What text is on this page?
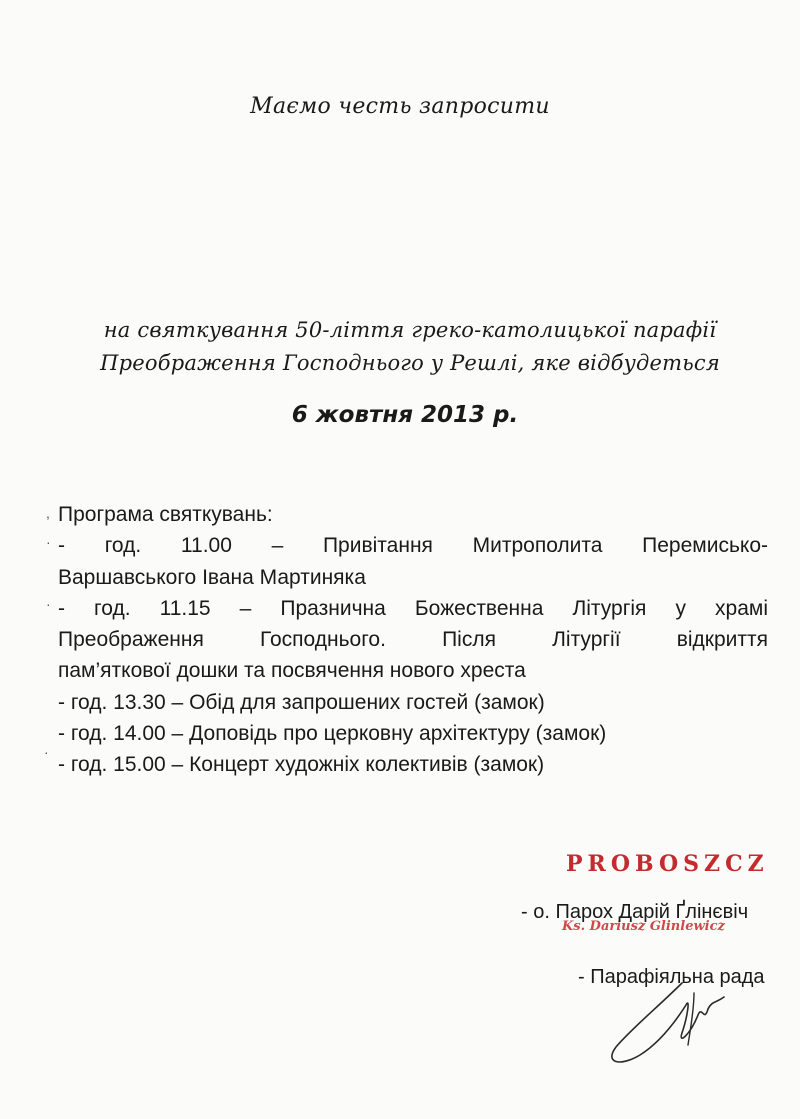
Маємо честь запросити
на святкування 50-ліття греко-католицької парафії
Преображення Господнього у Решлі, яке відбудеться
6 жовтня 2013 р.
Програма святкувань:
- год. 11.00 – Привітання Митрополита Перемисько-
Варшавського Івана Мартиняка
- год. 11.15 – Празнична Божественна Літургія у храмі
Преображення Господнього. Після Літургії відкриття
пам’яткової дошки та посвячення нового хреста
- год. 13.30 – Обід для запрошених гостей (замок)
- год. 14.00 – Доповідь про церковну архітектуру (замок)
- год. 15.00 – Концерт художніх колективів (замок)
PROBOSZCZ
Ks. Dariusz Glinlewicz
- о. Парох Дарій Ґлінєвіч
- Парафіяльна рада
,
·
·
·
